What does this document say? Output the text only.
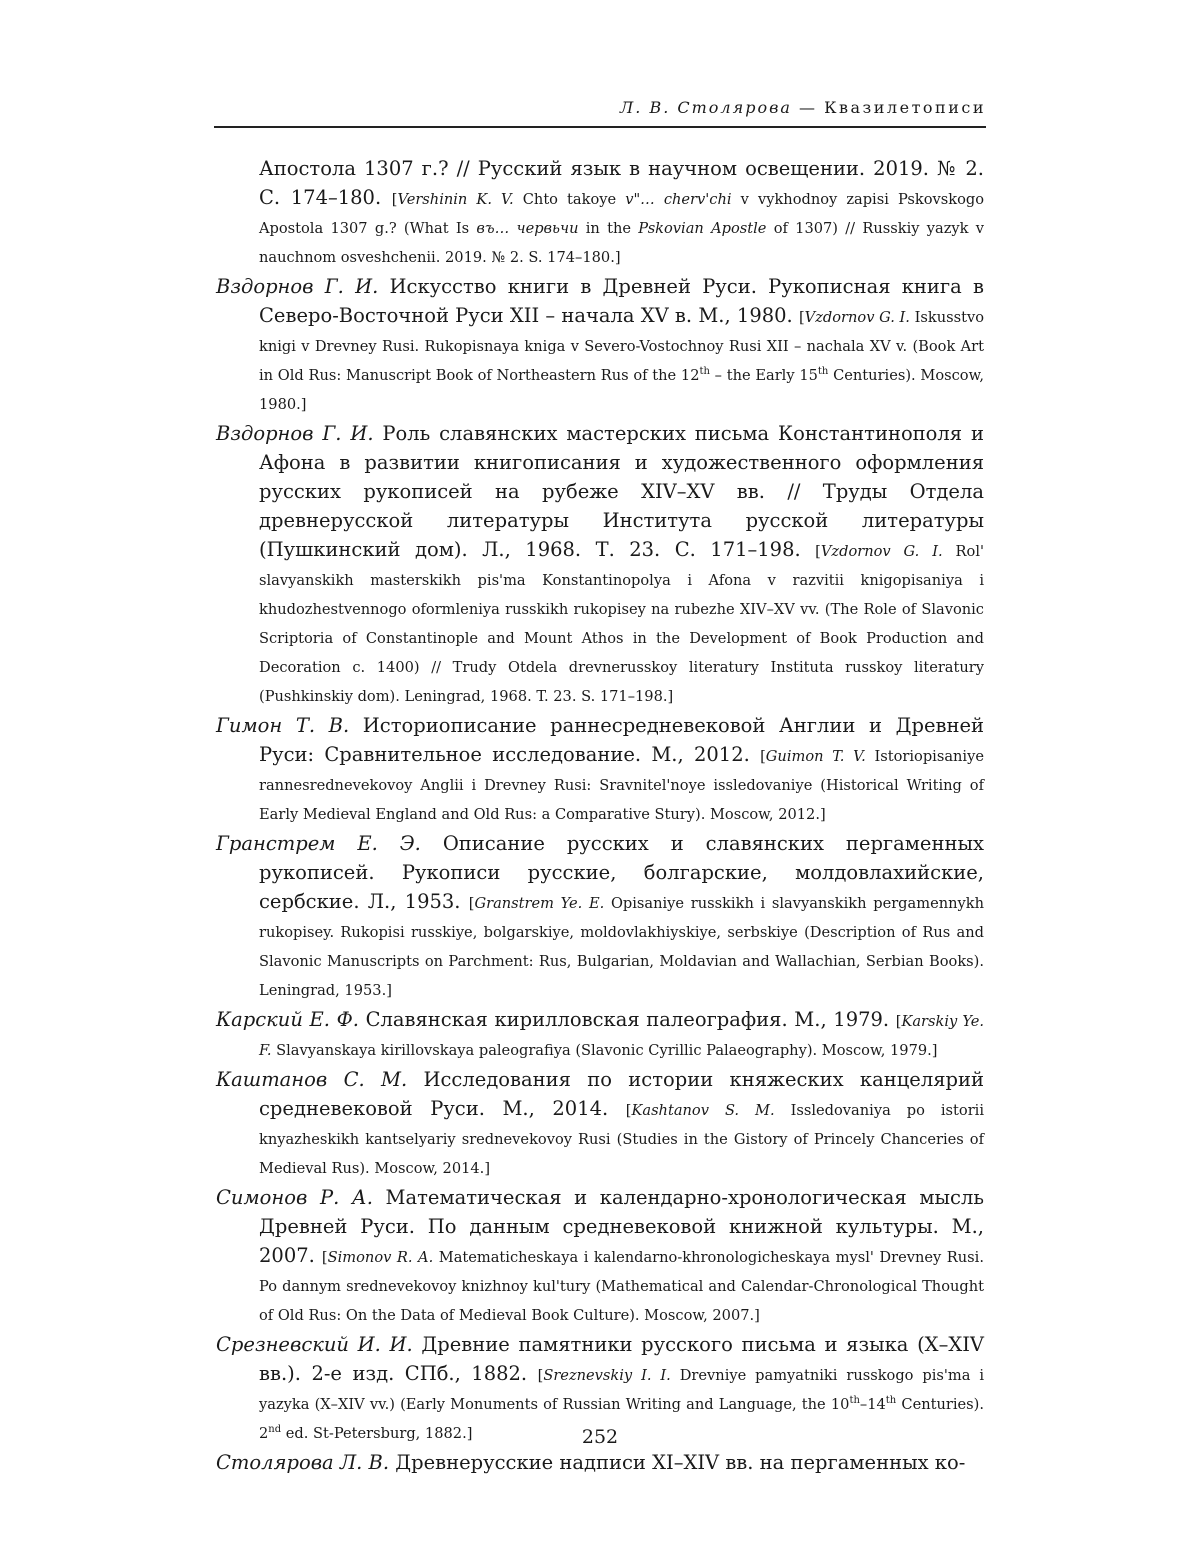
Л. В. Столярова — Квазилетописи

Апостола 1307 г.? // Русский язык в научном освещении. 2019. № 2. С. 174–180. [Vershinin K. V. Chto takoye v"… cherv'chi v vykhodnoy zapisi Pskovskogo Apostola 1307 g.? (What Is въ… червьчи in the Pskovian Apostle of 1307) // Russkiy yazyk v nauchnom osveshchenii. 2019. № 2. S. 174–180.]

Вздорнов Г. И. Искусство книги в Древней Руси. Рукописная книга в Северо-Восточной Руси XII – начала XV в. М., 1980. [Vzdornov G. I. Iskusstvo knigi v Drevney Rusi. Rukopisnaya kniga v Severo-Vostochnoy Rusi XII – nachala XV v. (Book Art in Old Rus: Manuscript Book of Northeastern Rus of the 12th – the Early 15th Centuries). Moscow, 1980.]

Вздорнов Г. И. Роль славянских мастерских письма Константинополя и Афона в развитии книгописания и художественного оформления русских рукописей на рубеже XIV–XV вв. // Труды Отдела древнерусской литературы Института русской литературы (Пушкинский дом). Л., 1968. Т. 23. С. 171–198. [Vzdornov G. I. Rol' slavyanskikh masterskikh pis'ma Konstantinopolya i Afona v razvitii knigopisaniya i khudozhestvennogo oformleniya russkikh rukopisey na rubezhe XIV–XV vv. (The Role of Slavonic Scriptoria of Constantinople and Mount Athos in the Development of Book Production and Decoration c. 1400) // Trudy Otdela drevnerusskoy literatury Instituta russkoy literatury (Pushkinskiy dom). Leningrad, 1968. T. 23. S. 171–198.]

Гимон Т. В. Историописание раннесредневековой Англии и Древней Руси: Сравнительное исследование. М., 2012. [Guimon T. V. Istoriopisaniye rannesrednevekovoy Anglii i Drevney Rusi: Sravnitel'noye issledovaniye (Historical Writing of Early Medieval England and Old Rus: a Comparative Stury). Moscow, 2012.]

Гранстрем Е. Э. Описание русских и славянских пергаменных рукописей. Рукописи русские, болгарские, молдовлахийские, сербские. Л., 1953. [Granstrem Ye. E. Opisaniye russkikh i slavyanskikh pergamennykh rukopisey. Rukopisi russkiye, bolgarskiye, moldovlakhiyskiye, serbskiye (Description of Rus and Slavonic Manuscripts on Parchment: Rus, Bulgarian, Moldavian and Wallachian, Serbian Books). Leningrad, 1953.]

Карский Е. Ф. Славянская кирилловская палеография. М., 1979. [Karskiy Ye. F. Slavyanskaya kirillovskaya paleografiya (Slavonic Cyrillic Palaeography). Moscow, 1979.]

Каштанов С. М. Исследования по истории княжеских канцелярий средневековой Руси. М., 2014. [Kashtanov S. M. Issledovaniya po istorii knyazheskikh kantselyariy srednevekovoy Rusi (Studies in the Gistory of Princely Chanceries of Medieval Rus). Moscow, 2014.]

Симонов Р. А. Математическая и календарно-хронологическая мысль Древней Руси. По данным средневековой книжной культуры. М., 2007. [Simonov R. A. Matematicheskaya i kalendarno-khronologicheskaya mysl' Drevney Rusi. Po dannym srednevekovoy knizhnoy kul'tury (Mathematical and Calendar-Chronological Thought of Old Rus: On the Data of Medieval Book Culture). Moscow, 2007.]

Срезневский И. И. Древние памятники русского письма и языка (X–XIV вв.). 2-е изд. СПб., 1882. [Sreznevskiy I. I. Drevniye pamyatniki russkogo pis'ma i yazyka (X–XIV vv.) (Early Monuments of Russian Writing and Language, the 10th–14th Centuries). 2nd ed. St-Petersburg, 1882.]

Столярова Л. В. Древнерусские надписи XI–XIV вв. на пергаменных ко-

252
